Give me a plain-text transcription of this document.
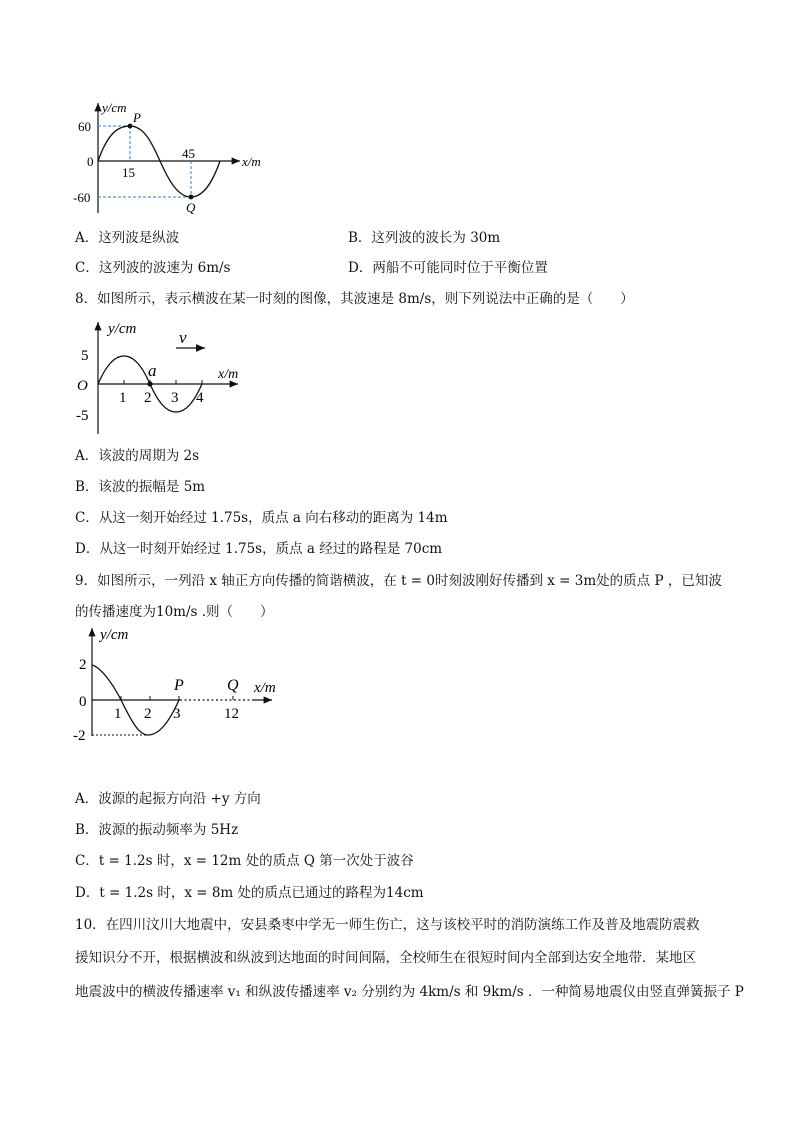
y/cm
x/m
60
0
-60
15
45
P
Q
A．这列波是纵波	B．这列波的波长为 30m
C．这列波的波速为 6m/s	D．两船不可能同时位于平衡位置
8．如图所示，表示横波在某一时刻的图像，其波速是 8m/s，则下列说法中正确的是（　　）
y/cm	v
x/m
5
O
-5
a
1 2 3 4
A．该波的周期为 2s
B．该波的振幅是 5m
C．从这一刻开始经过 1.75s，质点 a 向右移动的距离为 14m
D．从这一时刻开始经过 1.75s，质点 a 经过的路程是 70cm
9．如图所示，一列沿 x 轴正方向传播的简谐横波，在 t = 0时刻波刚好传播到 x = 3m处的质点 P ，已知波
的传播速度为10m/s .则（　　）
y/cm
x/m
2
0
-2
1 2 3	12
P	Q
A．波源的起振方向沿 +y 方向
B．波源的振动频率为 5Hz
C．t = 1.2s 时，x = 12m 处的质点 Q 第一次处于波谷
D．t = 1.2s 时，x = 8m 处的质点已通过的路程为14cm
10．在四川汶川大地震中，安县桑枣中学无一师生伤亡，这与该校平时的消防演练工作及普及地震防震救
援知识分不开，根据横波和纵波到达地面的时间间隔，全校师生在很短时间内全部到达安全地带．某地区
地震波中的横波传播速率 v₁ 和纵波传播速率 v₂ 分别约为 4km/s 和 9km/s ．一种简易地震仪由竖直弹簧振子 P
